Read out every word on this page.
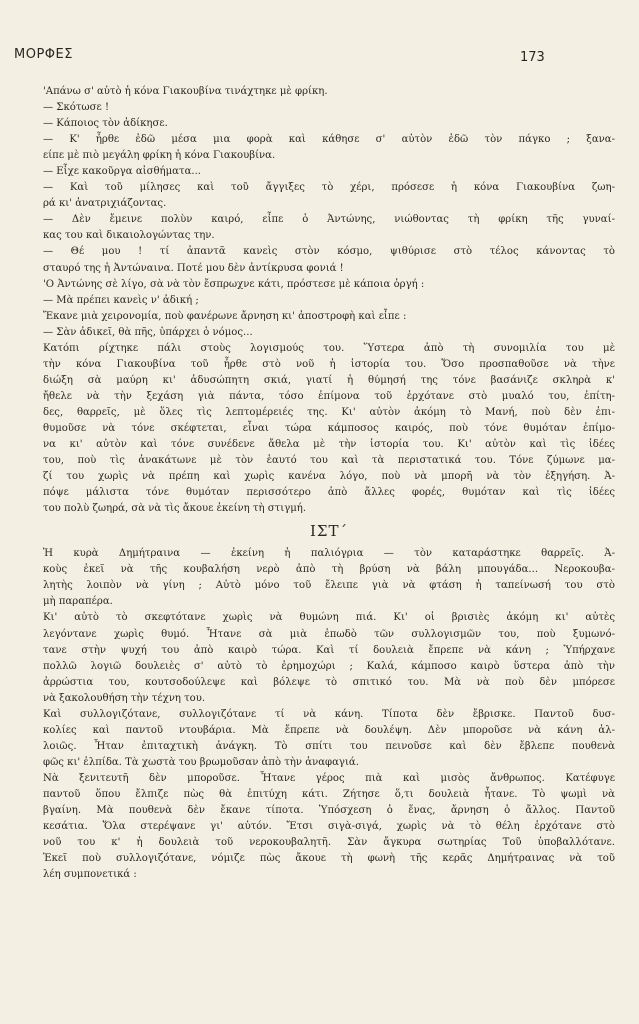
ΜΟΡΦΕΣ	173
'Απάνω σ' αὐτὸ ἡ κόνα Γιακουβίνα τινάχτηκε μὲ φρίκη.
— Σκότωσε !
— Κάποιος τὸν ἀδίκησε.
— Κ' ἦρθε ἐδῶ μέσα μια φορὰ καὶ κάθησε σ' αὐτὸν ἐδῶ τὸν πάγκο ; ξανα-
είπε μὲ πιὸ μεγάλη φρίκη ἡ κόνα Γιακουβίνα.
— Εἶχε κακοῦργα αἰσθήματα...
— Καὶ τοῦ μίλησες καὶ τοῦ ἄγγιξες τὸ χέρι, πρόσεσε ἡ κόνα Γιακουβίνα ζωη-
ρά κι' ἀνατριχιάζοντας.
— Δὲν ἔμεινε πολὺν καιρό, εἶπε ὁ Ἀντώνης, νιώθοντας τὴ φρίκη τῆς γυναί-
κας του καὶ δικαιολογώντας την.
— Θέ μου ! τί ἀπαντᾶ κανεὶς στὸν κόσμο, ψιθύρισε στὸ τέλος κάνοντας τὸ
σταυρό της ἡ Ἀντώναινα. Ποτέ μου δὲν ἀντίκρυσα φονιά !
'Ο Ἀντώνης σὲ λίγο, σὰ νὰ τὸν ἔσπρωχνε κάτι, πρόστεσε μὲ κάποια ὀργή :
— Μὰ πρέπει κανεὶς ν' ἀδική ;
Ἔκανε μιὰ χειρονομία, ποὺ φανέρωνε ἄρνηση κι' ἀποστροφὴ καὶ εἶπε :
— Σὰν ἀδικεῖ, θὰ πῆς, ὑπάρχει ὁ νόμος...
Κατόπι ρίχτηκε πάλι στοὺς λογισμούς του. Ὕστερα ἀπὸ τὴ συνομιλία του μὲ
τὴν κόνα Γιακουβίνα τοῦ ἦρθε στὸ νοῦ ἡ ἱστορία του. Ὅσο προσπαθοῦσε νὰ τὴνε
διώξη σὰ μαύρη κι' ἀδυσώπητη σκιά, γιατί ἡ θύμησή της τόνε βασάνιζε σκληρὰ κ'
ἤθελε νὰ τὴν ξεχάση γιὰ πάντα, τόσο ἐπίμονα τοῦ ἐρχότανε στὸ μυαλό του, ἐπίτη-
δες, θαρρεῖς, μὲ ὅλες τὶς λεπτομέρειές της. Κι' αὐτὸν ἀκόμη τὸ Μανή, ποὺ δὲν ἐπι-
θυμοῦσε νὰ τόνε σκέφτεται, εἶναι τώρα κάμποσος καιρός, ποὺ τόνε θυμόταν ἐπίμο-
να κι' αὐτὸν καὶ τόνε συνέδενε ἄθελα μὲ τὴν ἱστορία του. Κι' αὐτὸν καὶ τὶς ἰδέες
του, ποὺ τὶς ἀνακάτωνε μὲ τὸν ἑαυτό του καὶ τὰ περιστατικά του. Τόνε ζύμωνε μα-
ζί του χωρὶς νὰ πρέπη καὶ χωρὶς κανένα λόγο, ποὺ νὰ μπορῆ νὰ τὸν ἐξηγήση. Ἀ-
πόψε μάλιστα τόνε θυμόταν περισσότερο ἀπὸ ἄλλες φορές, θυμόταν καὶ τὶς ἰδέες
του πολὺ ζωηρά, σὰ νὰ τὶς ἄκουε ἐκείνη τὴ στιγμή.
ΙΣΤ΄
Ἡ κυρὰ Δημήτραινα — ἐκείνη ἡ παλιόγρια — τὸν καταράστηκε θαρρεῖς. Ἀ-
κοὺς ἐκεῖ νὰ τῆς κουβαλήση νερὸ ἀπὸ τὴ βρύση νὰ βάλη μπουγάδα... Νεροκουβα-
λητὴς λοιπὸν νὰ γίνη ; Αὐτὸ μόνο τοῦ ἔλειπε γιὰ νὰ φτάση ἡ ταπείνωσή του στὸ
μὴ παραπέρα.
Κι' αὐτὸ τὸ σκεφτότανε χωρὶς νὰ θυμώνη πιά. Κι' οἱ βρισιὲς ἀκόμη κι' αὐτὲς
λεγόντανε χωρὶς θυμό. Ἦτανε σὰ μιὰ ἐπωδὸ τῶν συλλογισμῶν του, ποὺ ξυμωνό-
τανε στὴν ψυχή του ἀπὸ καιρὸ τώρα. Καὶ τί δουλειὰ ἔπρεπε νὰ κάνη ; Ὑπήρχανε
πολλῶ λογιῶ δουλειὲς σ' αὐτὸ τὸ ἐρημοχώρι ; Καλά, κάμποσο καιρὸ ὕστερα ἀπὸ τὴν
ἀρρώστια του, κουτσοδούλεψε καὶ βόλεψε τὸ σπιτικό του. Μὰ νὰ ποὺ δὲν μπόρεσε
νὰ ξακολουθήση τὴν τέχνη του.
Καὶ συλλογιζότανε, συλλογιζότανε τί νὰ κάνη. Τίποτα δὲν ἔβρισκε. Παντοῦ δυσ-
κολίες καὶ παντοῦ ντουβάρια. Μὰ ἔπρεπε νὰ δουλέψη. Δὲν μποροῦσε νὰ κάνη ἀλ-
λοιῶς. Ἦταν ἐπιταχτικὴ ἀνάγκη. Τὸ σπίτι του πεινοῦσε καὶ δὲν ἔβλεπε πουθενὰ
φῶς κι' ἐλπίδα. Τὰ χωστὰ του βρωμοῦσαν ἀπὸ τὴν ἀναφαγιά.
Νὰ ξενιτευτῆ δὲν μποροῦσε. Ἦτανε γέρος πιὰ καὶ μισὸς ἄνθρωπος. Κατέφυγε
παντοῦ ὅπου ἔλπιζε πὼς θὰ ἐπιτύχη κάτι. Ζήτησε ὅ,τι δουλειὰ ἦτανε. Τὸ ψωμὶ νὰ
βγαίνη. Μὰ πουθενὰ δὲν ἔκανε τίποτα. Ὑπόσχεση ὁ ἕνας, ἄρνηση ὁ ἄλλος. Παντοῦ
κεσάτια. Ὅλα στερέψανε γι' αὐτόν. Ἔτσι σιγὰ-σιγά, χωρὶς νὰ τὸ θέλη ἐρχότανε στὸ
νοῦ του κ' ἡ δουλειὰ τοῦ νεροκουβαλητῆ. Σὰν ἄγκυρα σωτηρίας Τοῦ ὑποβαλλότανε.
Ἐκεῖ ποὺ συλλογιζότανε, νόμιζε πὼς ἄκουε τὴ φωνὴ τῆς κερᾶς Δημήτραινας νὰ τοῦ
λέη συμπονετικά :
